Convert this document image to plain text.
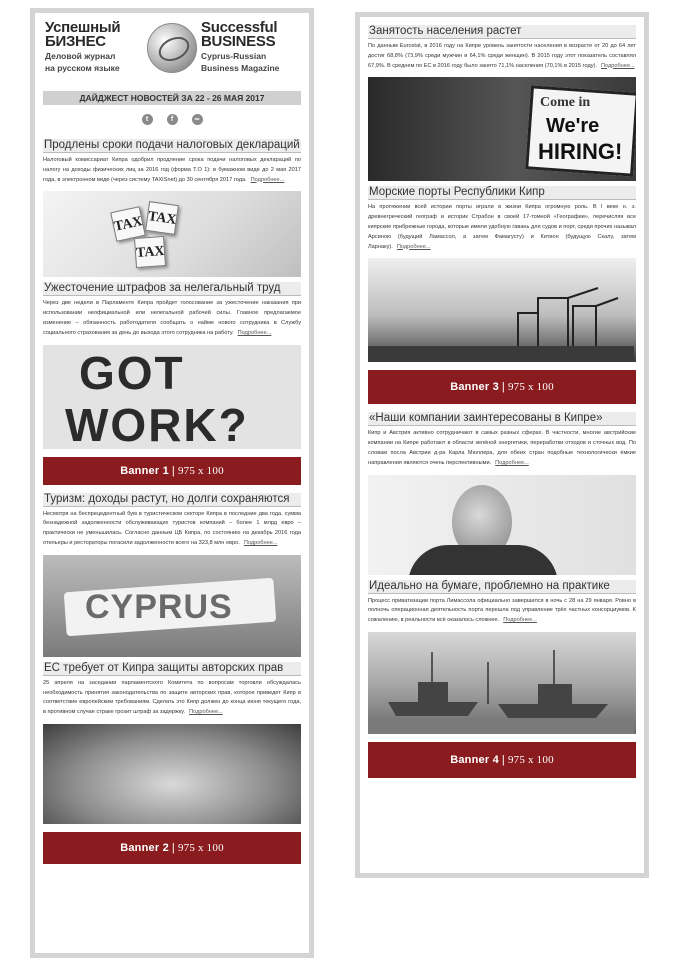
Успешный
БИЗНЕС
Деловой журнал
на русском языке
Successful
BUSINESS
Cyprus-Russian
Business Magazine
ДАЙДЖЕСТ НОВОСТЕЙ ЗА 22 - 26 МАЯ 2017
t	f	∞
Продлены сроки подачи налоговых деклараций
Налоговый комиссариат Кипра одобрил продление срока подачи налоговых деклараций по налогу на доходы физических лиц за 2016 год (форма Т.О 1): в бумажном виде до 2 мая 2017 года, в электронном виде (через систему TAXISnet) до 30 сентября 2017 года. Подробнее...
TAX TAX
TAX
Ужесточение штрафов за нелегальный труд
Через две недели в Парламенте Кипра пройдет голосование за ужесточение наказания при использовании неофициальной или нелегальной рабочей силы. Главное предлагаемое изменение – обязанность работодателя сообщать о найме нового сотрудника в Службу социального страхования за день до выхода этого сотрудника на работу. Подробнее...
GOT
WORK?
Banner 1 | 975 x 100
Туризм: доходы растут, но долги сохраняются
Несмотря на беспрецедентный бум в туристическом секторе Кипра в последние два года, сумма безнадежной задолженности обслуживающих туристов компаний – более 1 млрд евро – практически не уменьшилась. Согласно данным ЦБ Кипра, по состоянию на декабрь 2016 года отельеры и рестораторы погасили задолженности всего на 323,8 млн евро. Подробнее...
CYPRUS
ЕС требует от Кипра защиты авторских прав
25 апреля на заседании парламентского Комитета по вопросам торговли обсуждалась необходимость принятия законодательства по защите авторских прав, которое приведет Кипр в соответствие европейским требованиям. Сделать это Кипр должен до конца июня текущего года, в противном случае страке грозит штраф за задержку. Подробнее...
Banner 2 | 975 x 100
Занятость населения растет
По данным Eurostat, в 2016 году на Кипре уровень занятости населения в возрасте от 20 до 64 лет достиг 68,8% (73,9% среди мужчин и 64,1% среди женщин). В 2015 году этот показатель составлял 67,9%. В среднем по ЕС в 2016 году было занято 71,1% населения (70,1% в 2015 году). Подробнее...
Come in
We're
HIRING!
Морские порты Республики Кипр
На протяжении всей истории порты играли в жизни Кипра огромную роль. В I веке н. э. древнегреческий географ и историк Страбон в своей 17-томной «Географии», перечисляя все кипрские прибрежные города, которые имели удобную гавань для судов и порт, среди прочих называл Арсиною (будущий Ламассол, а затем Фамагусту) и Китион (будущую Скалу, затем Ларнаку). Подробнее...
Banner 3 | 975 x 100
«Наши компании заинтересованы в Кипре»
Кипр и Австрия активно сотрудничают в самых разных сферах. В частности, многие австрийские компании на Кипре работают в области зелёной энергетики, переработки отходов и сточных вод. По словам посла Австрии д-ра Карла Мюллера, для обеих стран подобные технологически ёмкие направления являются очень перспективными. Подробнее...
Идеально на бумаге, проблемно на практике
Процесс приватизации порта Лимассола официально завершился в ночь с 28 на 29 января. Ровно в полночь операционная деятельность порта перешла под управление трёх частных консорциумов. К сожалению, в реальности всё оказалось сложнее. Подробнее...
Banner 4 | 975 x 100
